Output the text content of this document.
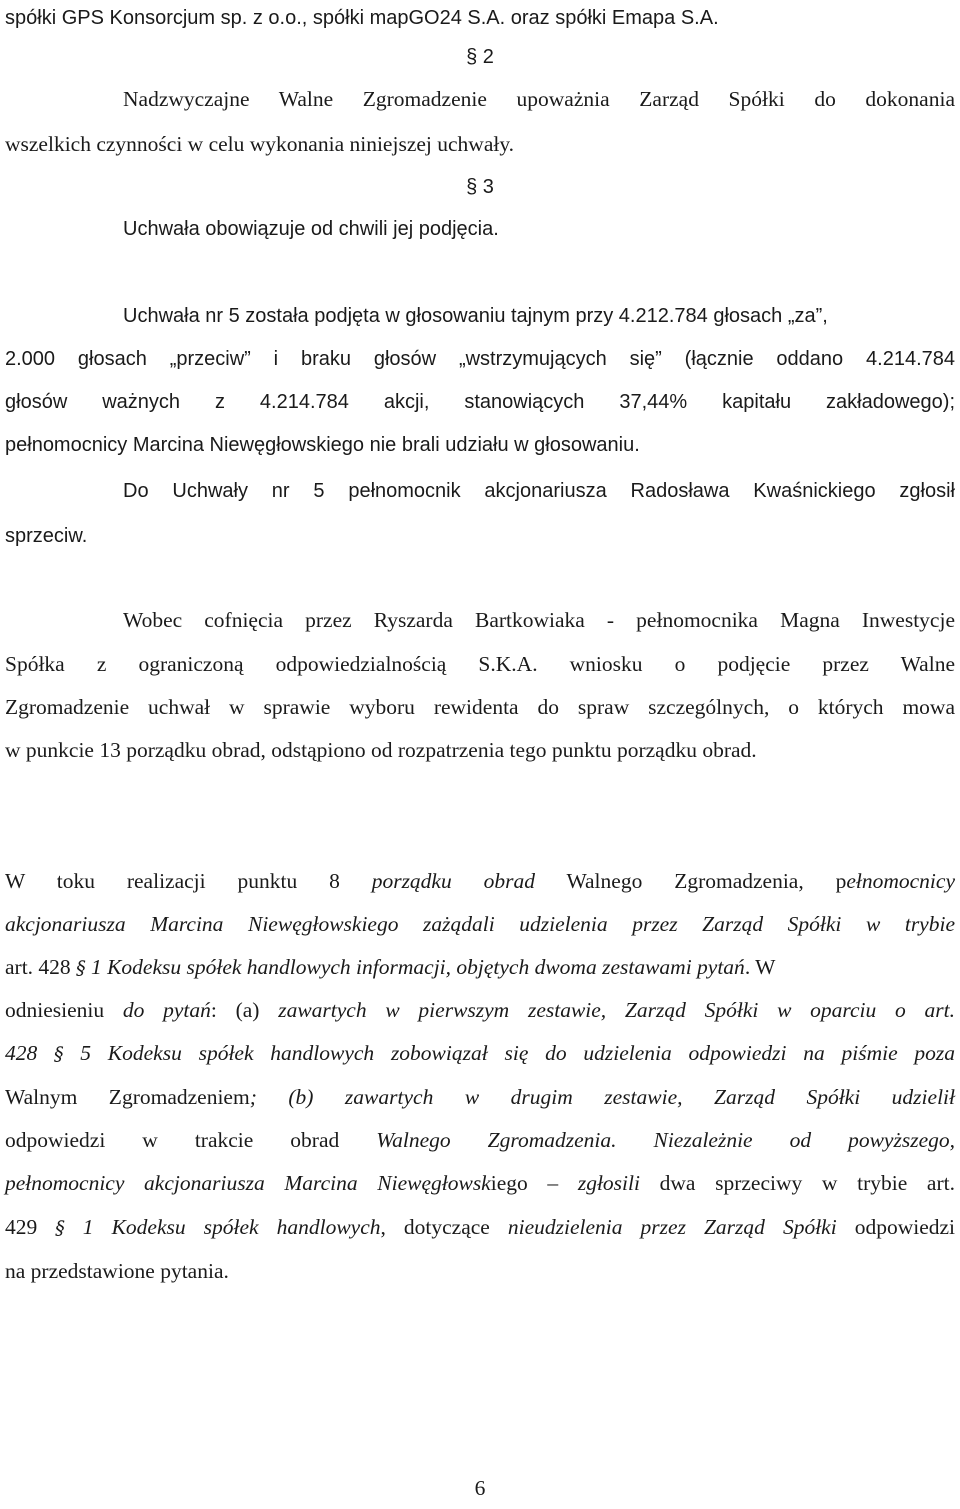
spółki GPS Konsorcjum sp. z o.o., spółki mapGO24 S.A. oraz spółki Emapa S.A.
§ 2
Nadzwyczajne Walne Zgromadzenie upoważnia Zarząd Spółki do dokonania
wszelkich czynności w celu wykonania niniejszej uchwały.
§ 3
Uchwała obowiązuje od chwili jej podjęcia.
Uchwała nr 5 została podjęta w głosowaniu tajnym przy 4.212.784 głosach „za”,
2.000 głosach „przeciw” i braku głosów „wstrzymujących się” (łącznie oddano 4.214.784
głosów ważnych z 4.214.784 akcji, stanowiących 37,44% kapitału zakładowego);
pełnomocnicy Marcina Niewęgłowskiego nie brali udziału w głosowaniu.
Do Uchwały nr 5 pełnomocnik akcjonariusza Radosława Kwaśnickiego zgłosił
sprzeciw.
Wobec cofnięcia przez Ryszarda Bartkowiaka - pełnomocnika Magna Inwestycje
Spółka z ograniczoną odpowiedzialnością S.K.A. wniosku o podjęcie przez Walne
Zgromadzenie uchwał w sprawie wyboru rewidenta do spraw szczególnych, o których mowa
w punkcie 13 porządku obrad, odstąpiono od rozpatrzenia tego punktu porządku obrad.
W toku realizacji punktu 8 porządku obrad Walnego Zgromadzenia, pełnomocnicy
akcjonariusza Marcina Niewęgłowskiego zażądali udzielenia przez Zarząd Spółki w trybie
art. 428 § 1 Kodeksu spółek handlowych informacji, objętych dwoma zestawami pytań. W
odniesieniu do pytań: (a) zawartych w pierwszym zestawie, Zarząd Spółki w oparciu o art.
428 § 5 Kodeksu spółek handlowych zobowiązał się do udzielenia odpowiedzi na piśmie poza
Walnym Zgromadzeniem; (b) zawartych w drugim zestawie, Zarząd Spółki udzielił
odpowiedzi w trakcie obrad Walnego Zgromadzenia. Niezależnie od powyższego,
pełnomocnicy akcjonariusza Marcina Niewęgłowskiego – zgłosili dwa sprzeciwy w trybie art.
429 § 1 Kodeksu spółek handlowych, dotyczące nieudzielenia przez Zarząd Spółki odpowiedzi
na przedstawione pytania.
6
